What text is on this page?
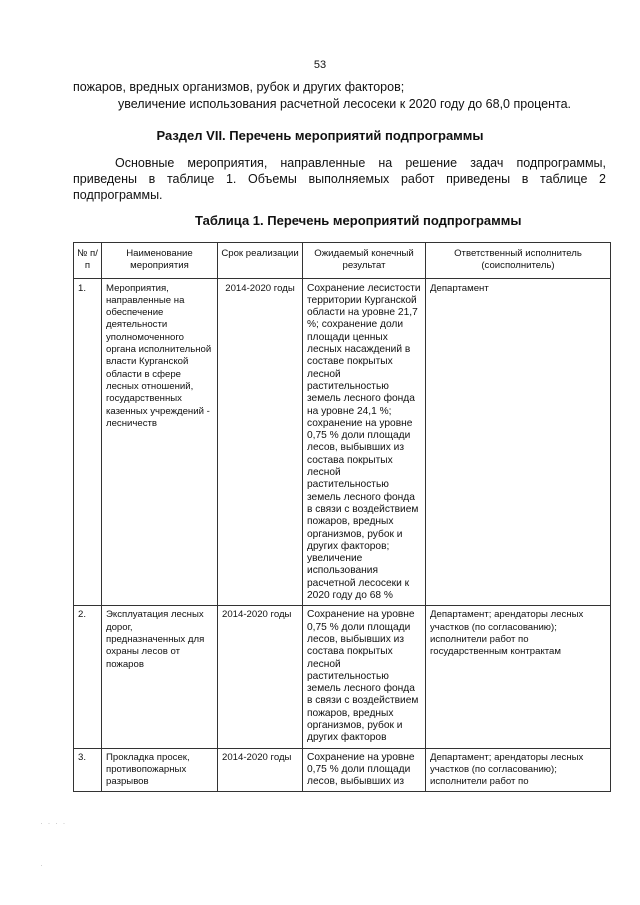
53
пожаров, вредных организмов, рубок и других факторов;
увеличение использования расчетной лесосеки к 2020 году до 68,0 процента.
Раздел VII. Перечень мероприятий подпрограммы
Основные мероприятия, направленные на решение задач подпрограммы, приведены в таблице 1. Объемы выполняемых работ приведены в таблице 2 подпрограммы.
Таблица 1. Перечень мероприятий подпрограммы
№ п/п	Наименование мероприятия	Срок реализации	Ожидаемый конечный результат	Ответственный исполнитель (соисполнитель)
1.	Мероприятия, направленные на обеспечение деятельности уполномоченного органа исполнительной власти Курганской области в сфере лесных отношений, государственных казенных учреждений - лесничеств	2014-2020 годы	Сохранение лесистости территории Курганской области на уровне 21,7 %; сохранение доли площади ценных лесных насаждений в составе покрытых лесной растительностью земель лесного фонда на уровне 24,1 %; сохранение на уровне 0,75 % доли площади лесов, выбывших из состава покрытых лесной растительностью земель лесного фонда в связи с воздействием пожаров, вредных организмов, рубок и других факторов; увеличение использования расчетной лесосеки к 2020 году до 68 %	Департамент
2.	Эксплуатация лесных дорог, предназначенных для охраны лесов от пожаров	2014-2020 годы	Сохранение на уровне 0,75 % доли площади лесов, выбывших из состава покрытых лесной растительностью земель лесного фонда в связи с воздействием пожаров, вредных организмов, рубок и других факторов	Департамент; арендаторы лесных участков (по согласованию); исполнители работ по государственным контрактам
3.	Прокладка просек, противопожарных разрывов	2014-2020 годы	Сохранение на уровне 0,75 % доли площади лесов, выбывших из	Департамент; арендаторы лесных участков (по согласованию); исполнители работ по
· · · ·
·
